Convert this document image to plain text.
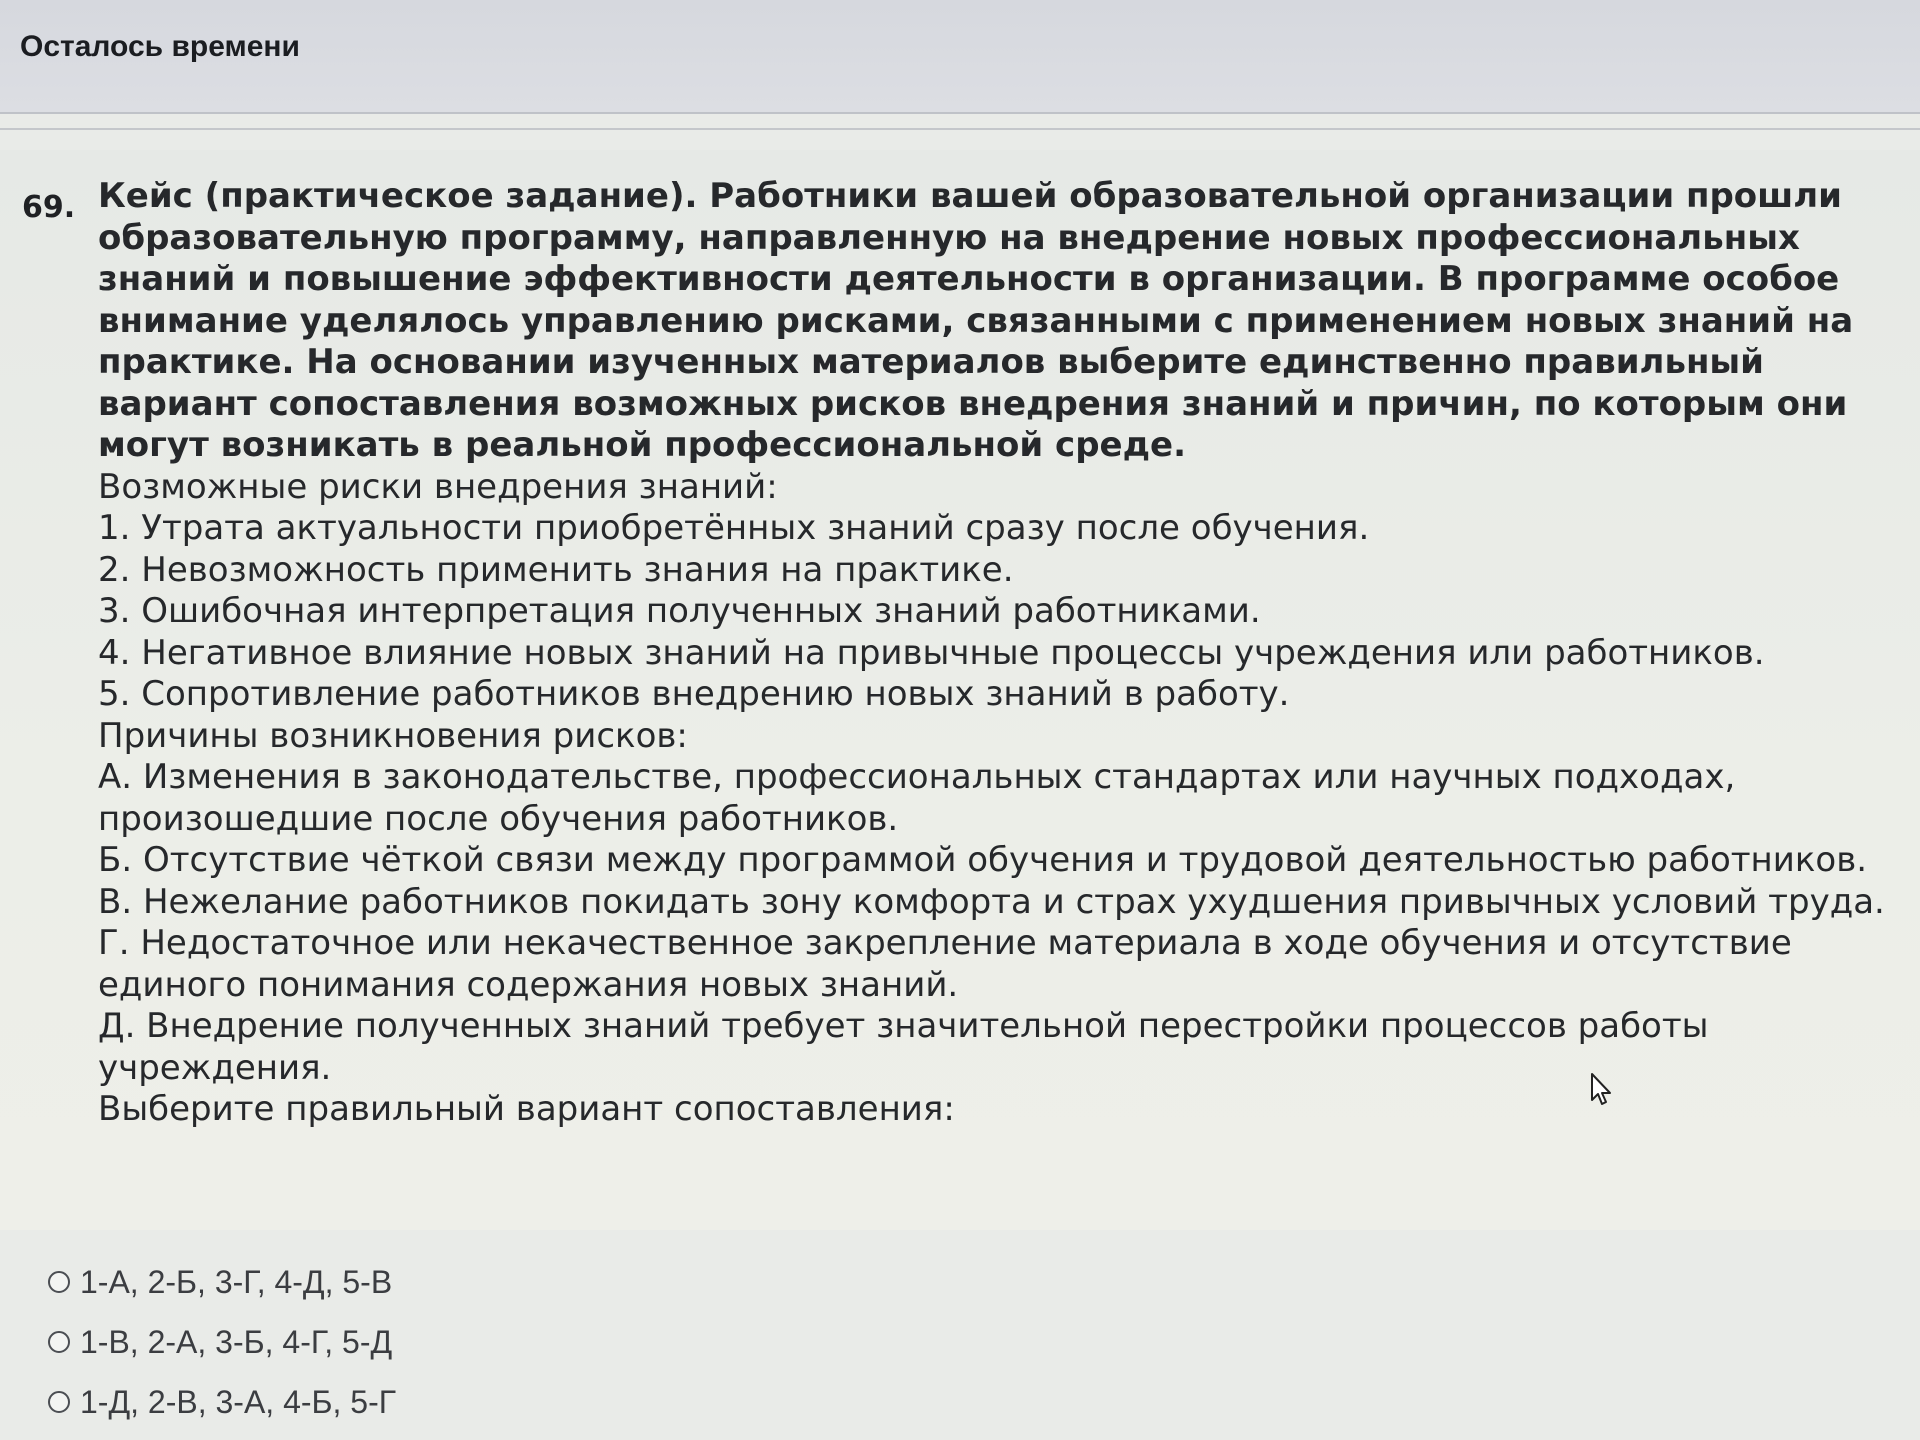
Осталось времени
69. Кейс (практическое задание). Работники вашей образовательной организации прошли образовательную программу, направленную на внедрение новых профессиональных знаний и повышение эффективности деятельности в организации. В программе особое внимание уделялось управлению рисками, связанными с применением новых знаний на практике. На основании изученных материалов выберите единственно правильный вариант сопоставления возможных рисков внедрения знаний и причин, по которым они могут возникать в реальной профессиональной среде.

Возможные риски внедрения знаний:

1. Утрата актуальности приобретённых знаний сразу после обучения.

2. Невозможность применить знания на практике.

3. Ошибочная интерпретация полученных знаний работниками.

4. Негативное влияние новых знаний на привычные процессы учреждения или работников.

5. Сопротивление работников внедрению новых знаний в работу.

Причины возникновения рисков:

А. Изменения в законодательстве, профессиональных стандартах или научных подходах, произошедшие после обучения работников.

Б. Отсутствие чёткой связи между программой обучения и трудовой деятельностью работников.

В. Нежелание работников покидать зону комфорта и страх ухудшения привычных условий труда.

Г. Недостаточное или некачественное закрепление материала в ходе обучения и отсутствие единого понимания содержания новых знаний.

Д. Внедрение полученных знаний требует значительной перестройки процессов работы учреждения.

Выберите правильный вариант сопоставления:

1-А, 2-Б, 3-Г, 4-Д, 5-В
1-В, 2-А, 3-Б, 4-Г, 5-Д
1-Д, 2-В, 3-А, 4-Б, 5-Г
